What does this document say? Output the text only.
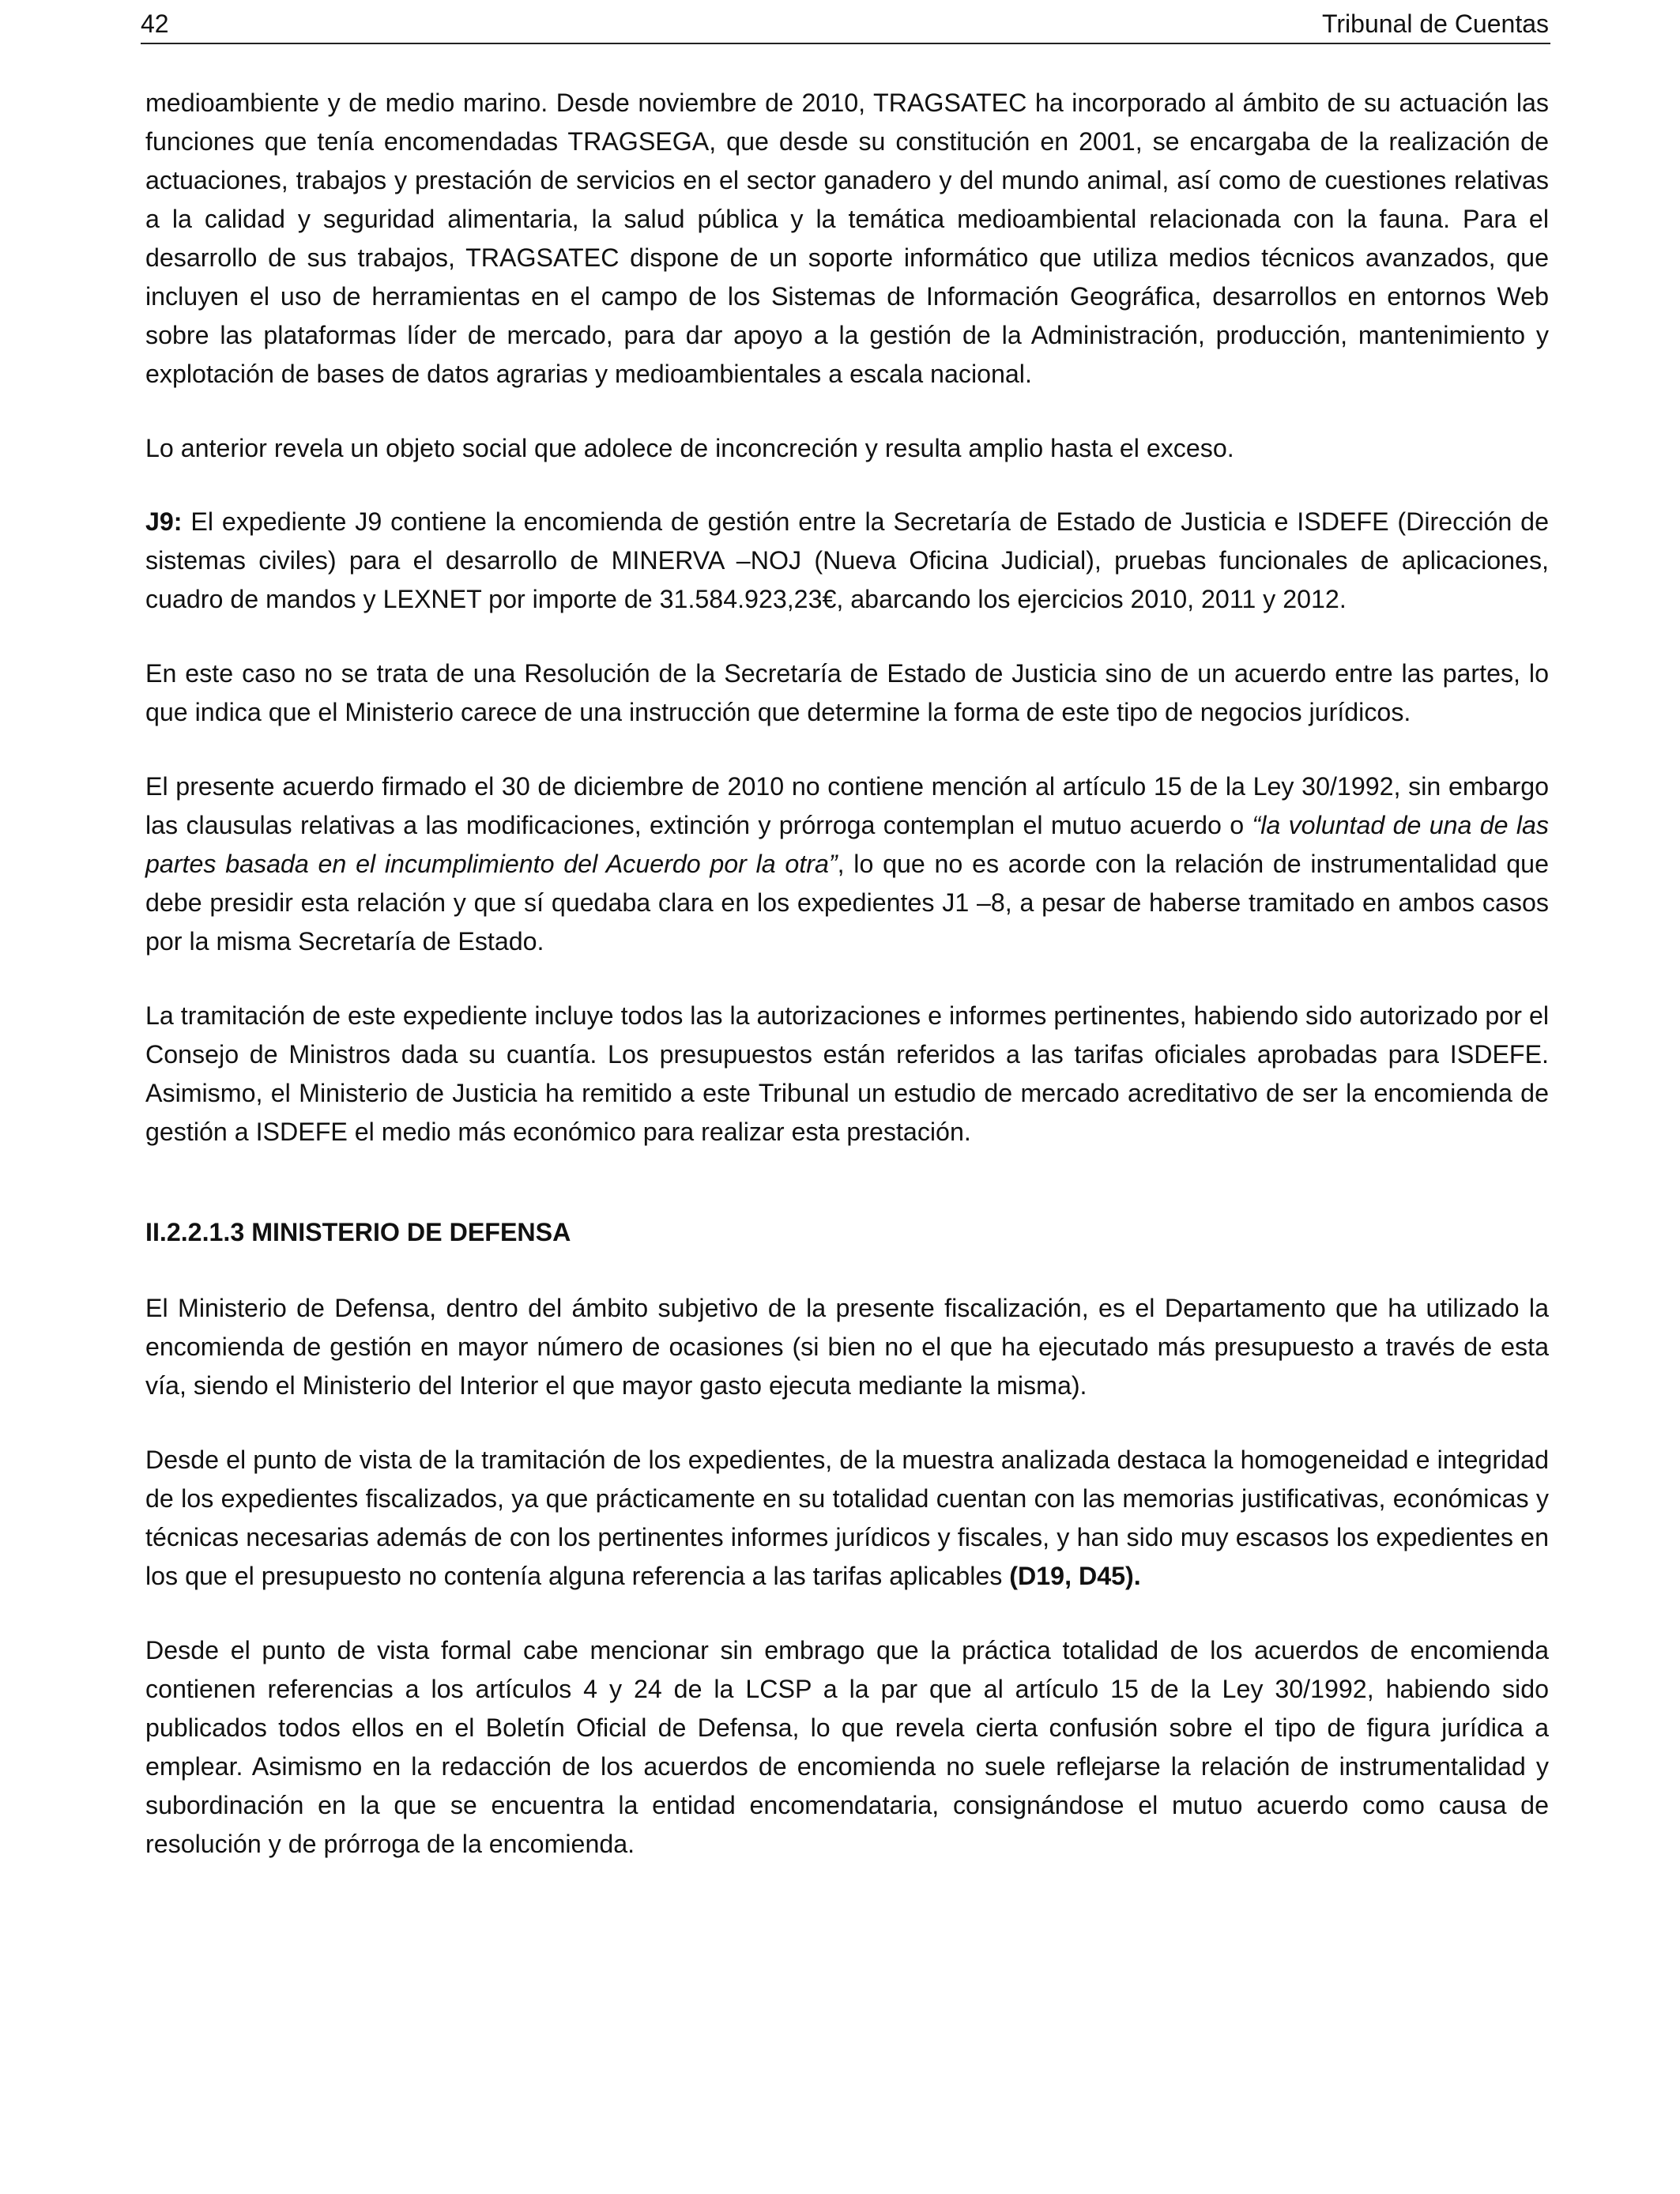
42	Tribunal de Cuentas

medioambiente y de medio marino. Desde noviembre de 2010, TRAGSATEC ha incorporado al ámbito de su actuación las funciones que tenía encomendadas TRAGSEGA, que desde su constitución en 2001, se encargaba de la realización de actuaciones, trabajos y prestación de servicios en el sector ganadero y del mundo animal, así como de cuestiones relativas a la calidad y seguridad alimentaria, la salud pública y la temática medioambiental relacionada con la fauna. Para el desarrollo de sus trabajos, TRAGSATEC dispone de un soporte informático que utiliza medios técnicos avanzados, que incluyen el uso de herramientas en el campo de los Sistemas de Información Geográfica, desarrollos en entornos Web sobre las plataformas líder de mercado, para dar apoyo a la gestión de la Administración, producción, mantenimiento y explotación de bases de datos agrarias y medioambientales a escala nacional.

Lo anterior revela un objeto social que adolece de inconcreción y resulta amplio hasta el exceso.

J9: El expediente J9 contiene la encomienda de gestión entre la Secretaría de Estado de Justicia e ISDEFE (Dirección de sistemas civiles) para el desarrollo de MINERVA –NOJ (Nueva Oficina Judicial), pruebas funcionales de aplicaciones, cuadro de mandos y LEXNET por importe de 31.584.923,23€, abarcando los ejercicios 2010, 2011 y 2012.

En este caso no se trata de una Resolución de la Secretaría de Estado de Justicia sino de un acuerdo entre las partes, lo que indica que el Ministerio carece de una instrucción que determine la forma de este tipo de negocios jurídicos.

El presente acuerdo firmado el 30 de diciembre de 2010 no contiene mención al artículo 15 de la Ley 30/1992, sin embargo las clausulas relativas a las modificaciones, extinción y prórroga contemplan el mutuo acuerdo o “la voluntad de una de las partes basada en el incumplimiento del Acuerdo por la otra”, lo que no es acorde con la relación de instrumentalidad que debe presidir esta relación y que sí quedaba clara en los expedientes J1 –8, a pesar de haberse tramitado en ambos casos por la misma Secretaría de Estado.

La tramitación de este expediente incluye todos las la autorizaciones e informes pertinentes, habiendo sido autorizado por el Consejo de Ministros dada su cuantía. Los presupuestos están referidos a las tarifas oficiales aprobadas para ISDEFE. Asimismo, el Ministerio de Justicia ha remitido a este Tribunal un estudio de mercado acreditativo de ser la encomienda de gestión a ISDEFE el medio más económico para realizar esta prestación.

II.2.2.1.3 MINISTERIO DE DEFENSA

El Ministerio de Defensa, dentro del ámbito subjetivo de la presente fiscalización, es el Departamento que ha utilizado la encomienda de gestión en mayor número de ocasiones (si bien no el que ha ejecutado más presupuesto a través de esta vía, siendo el Ministerio del Interior el que mayor gasto ejecuta mediante la misma).

Desde el punto de vista de la tramitación de los expedientes, de la muestra analizada destaca la homogeneidad e integridad de los expedientes fiscalizados, ya que prácticamente en su totalidad cuentan con las memorias justificativas, económicas y técnicas necesarias además de con los pertinentes informes jurídicos y fiscales, y han sido muy escasos los expedientes en los que el presupuesto no contenía alguna referencia a las tarifas aplicables (D19, D45).

Desde el punto de vista formal cabe mencionar sin embrago que la práctica totalidad de los acuerdos de encomienda contienen referencias a los artículos 4 y 24 de la LCSP a la par que al artículo 15 de la Ley 30/1992, habiendo sido publicados todos ellos en el Boletín Oficial de Defensa, lo que revela cierta confusión sobre el tipo de figura jurídica a emplear. Asimismo en la redacción de los acuerdos de encomienda no suele reflejarse la relación de instrumentalidad y subordinación en la que se encuentra la entidad encomendataria, consignándose el mutuo acuerdo como causa de resolución y de prórroga de la encomienda.
